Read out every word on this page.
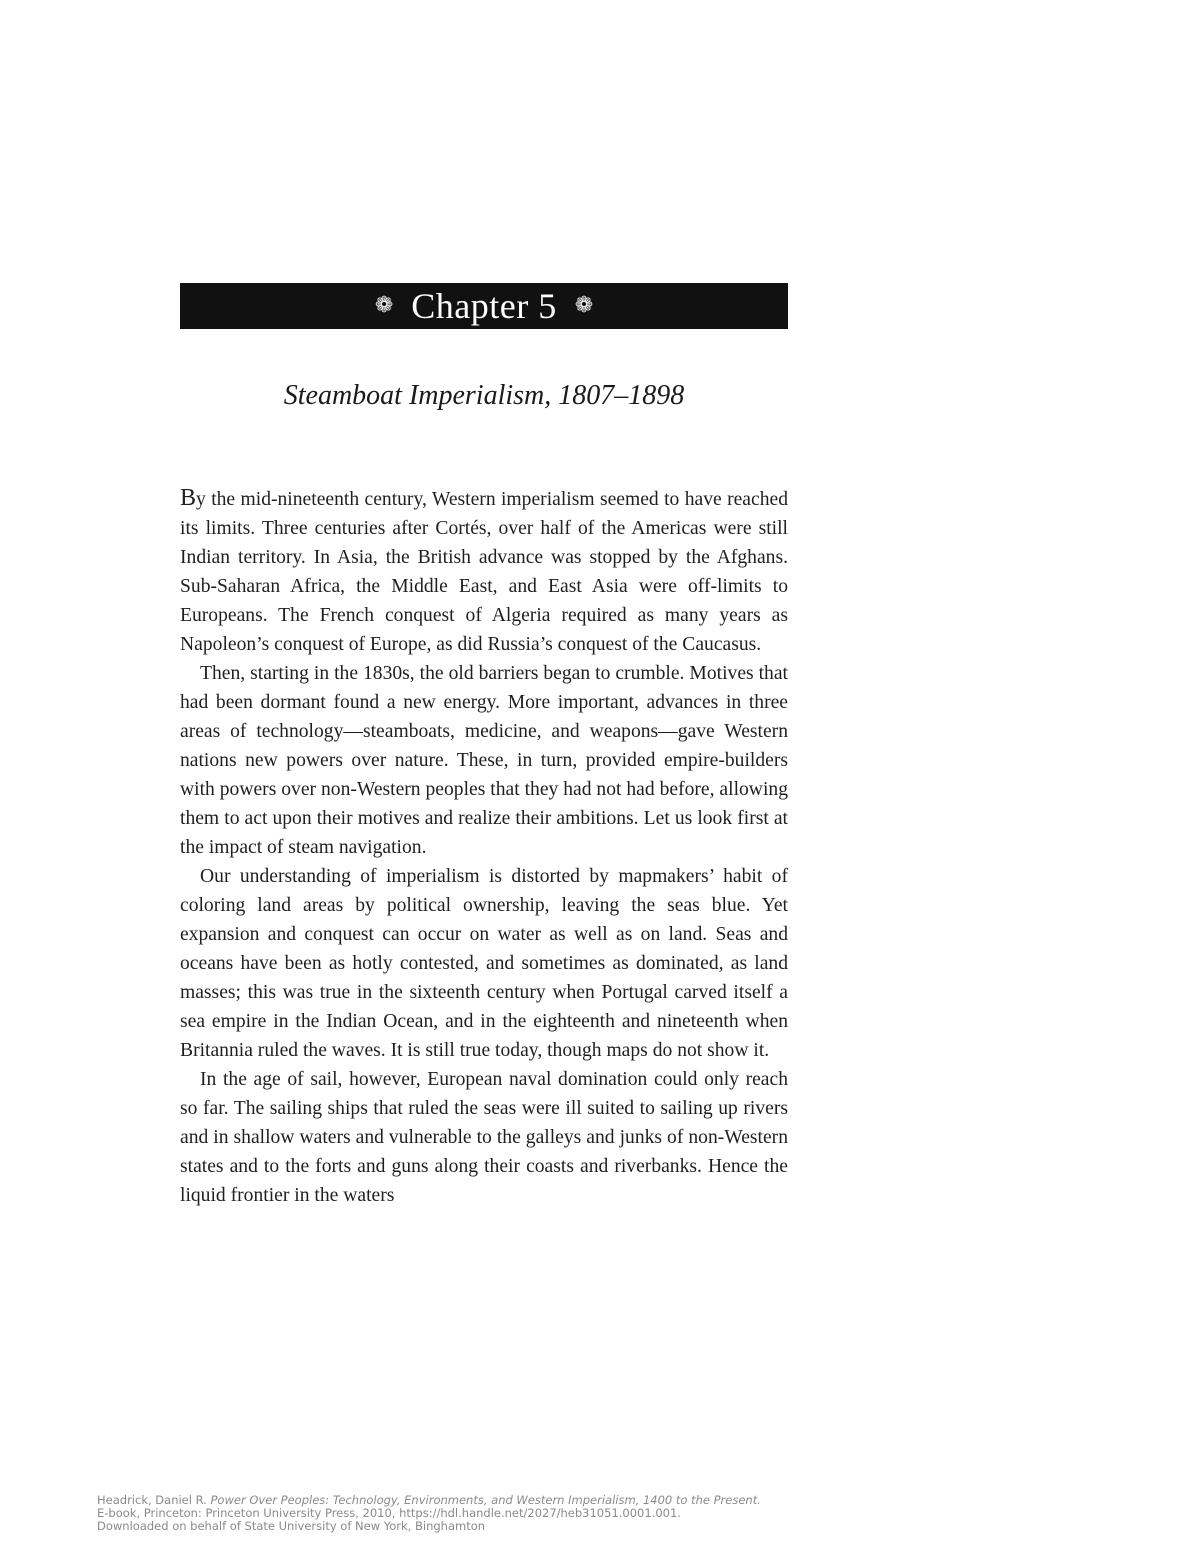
❁ Chapter 5 ❁
Steamboat Imperialism, 1807–1898

By the mid-nineteenth century, Western imperialism seemed to have reached its limits. Three centuries after Cortés, over half of the Americas were still Indian territory. In Asia, the British advance was stopped by the Afghans. Sub-Saharan Africa, the Middle East, and East Asia were off-limits to Europeans. The French conquest of Algeria required as many years as Napoleon’s conquest of Europe, as did Russia’s conquest of the Caucasus.

Then, starting in the 1830s, the old barriers began to crumble. Motives that had been dormant found a new energy. More important, advances in three areas of technology—steamboats, medicine, and weapons—gave Western nations new powers over nature. These, in turn, provided empire-builders with powers over non-Western peoples that they had not had before, allowing them to act upon their motives and realize their ambitions. Let us look first at the impact of steam navigation.

Our understanding of imperialism is distorted by mapmakers’ habit of coloring land areas by political ownership, leaving the seas blue. Yet expansion and conquest can occur on water as well as on land. Seas and oceans have been as hotly contested, and sometimes as dominated, as land masses; this was true in the sixteenth century when Portugal carved itself a sea empire in the Indian Ocean, and in the eighteenth and nineteenth when Britannia ruled the waves. It is still true today, though maps do not show it.

In the age of sail, however, European naval domination could only reach so far. The sailing ships that ruled the seas were ill suited to sailing up rivers and in shallow waters and vulnerable to the galleys and junks of non-Western states and to the forts and guns along their coasts and riverbanks. Hence the liquid frontier in the waters

Headrick, Daniel R. Power Over Peoples: Technology, Environments, and Western Imperialism, 1400 to the Present.
E-book, Princeton: Princeton University Press, 2010, https://hdl.handle.net/2027/heb31051.0001.001.
Downloaded on behalf of State University of New York, Binghamton
